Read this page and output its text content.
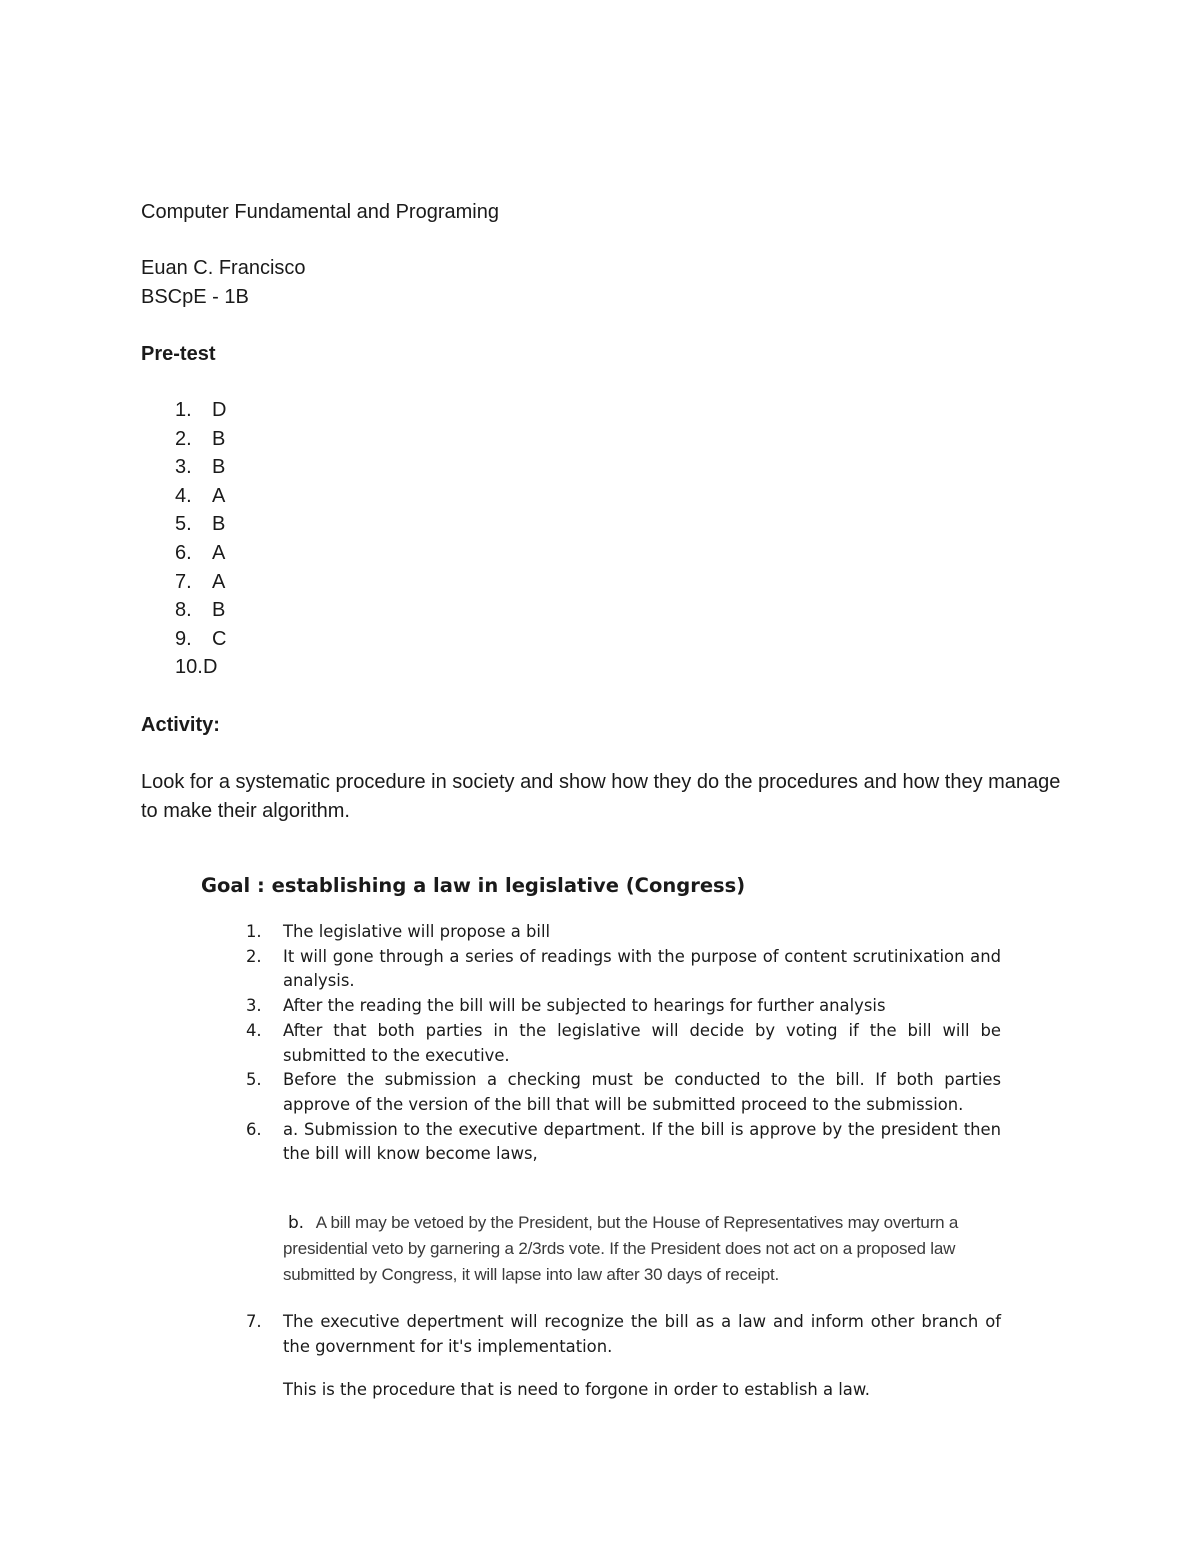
Computer Fundamental and Programing
Euan C. Francisco
BSCpE - 1B
Pre-test
1.	D
2.	B
3.	B
4.	A
5.	B
6.	A
7.	A
8.	B
9.	C
10. D
Activity:
Look for a systematic procedure in society and show how they do the procedures and how they manage to make their algorithm.
Goal : establishing a law in legislative (Congress)
1. The legislative will propose a bill
2. It will gone through a series of readings with the purpose of content scrutinixation and analysis.
3. After the reading the bill will be subjected to hearings for further analysis
4. After that both parties in the legislative will decide by voting if the bill will be submitted to the executive.
5. Before the submission a checking must be conducted to the bill. If both parties approve of the version of the bill that will be submitted proceed to the submission.
6. a. Submission to the executive department. If the bill is approve by the president then the bill will know become laws,
b. A bill may be vetoed by the President, but the House of Representatives may overturn a presidential veto by garnering a 2/3rds vote. If the President does not act on a proposed law submitted by Congress, it will lapse into law after 30 days of receipt.
7. The executive depertment will recognize the bill as a law and inform other branch of the government for it's implementation.
This is the procedure that is need to forgone in order to establish a law.
